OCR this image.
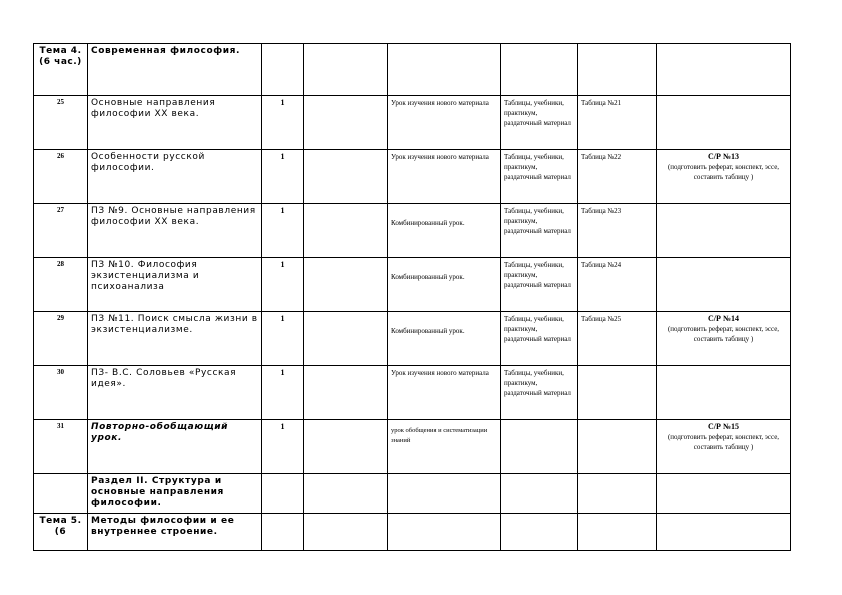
Тема 4. (6 час.)	Современная философия.						
25	Основные направления философии ХХ века.	1		Урок изучения нового материала	Таблицы, учебники, практикум, раздаточный материал	Таблица №21	
26	Особенности русской философии.	1		Урок изучения нового материала	Таблицы, учебники, практикум, раздаточный материал	Таблица №22	С/Р №13
(подготовить реферат, конспект, эссе, составить таблицу )
27	ПЗ №9. Основные направления философии ХХ века.	1		Комбинированный урок.	Таблицы, учебники, практикум, раздаточный материал	Таблица №23	
28	ПЗ №10. Философия экзистенциализма и психоанализа	1		Комбинированный урок.	Таблицы, учебники, практикум, раздаточный материал	Таблица №24	
29	ПЗ №11. Поиск смысла жизни в экзистенциализме.	1		Комбинированный урок.	Таблицы, учебники, практикум, раздаточный материал	Таблица №25	С/Р №14
(подготовить реферат, конспект, эссе, составить таблицу )
30	ПЗ- В.С. Соловьев «Русская идея».	1		Урок изучения нового материала	Таблицы, учебники, практикум, раздаточный материал		
31	Повторно-обобщающий урок.	1		урок обобщения и систематизации знаний			С/Р №15
(подготовить реферат, конспект, эссе, составить таблицу )
	Раздел II. Структура и основные направления философии.						
Тема 5. (6	Методы философии и ее внутреннее строение.						
